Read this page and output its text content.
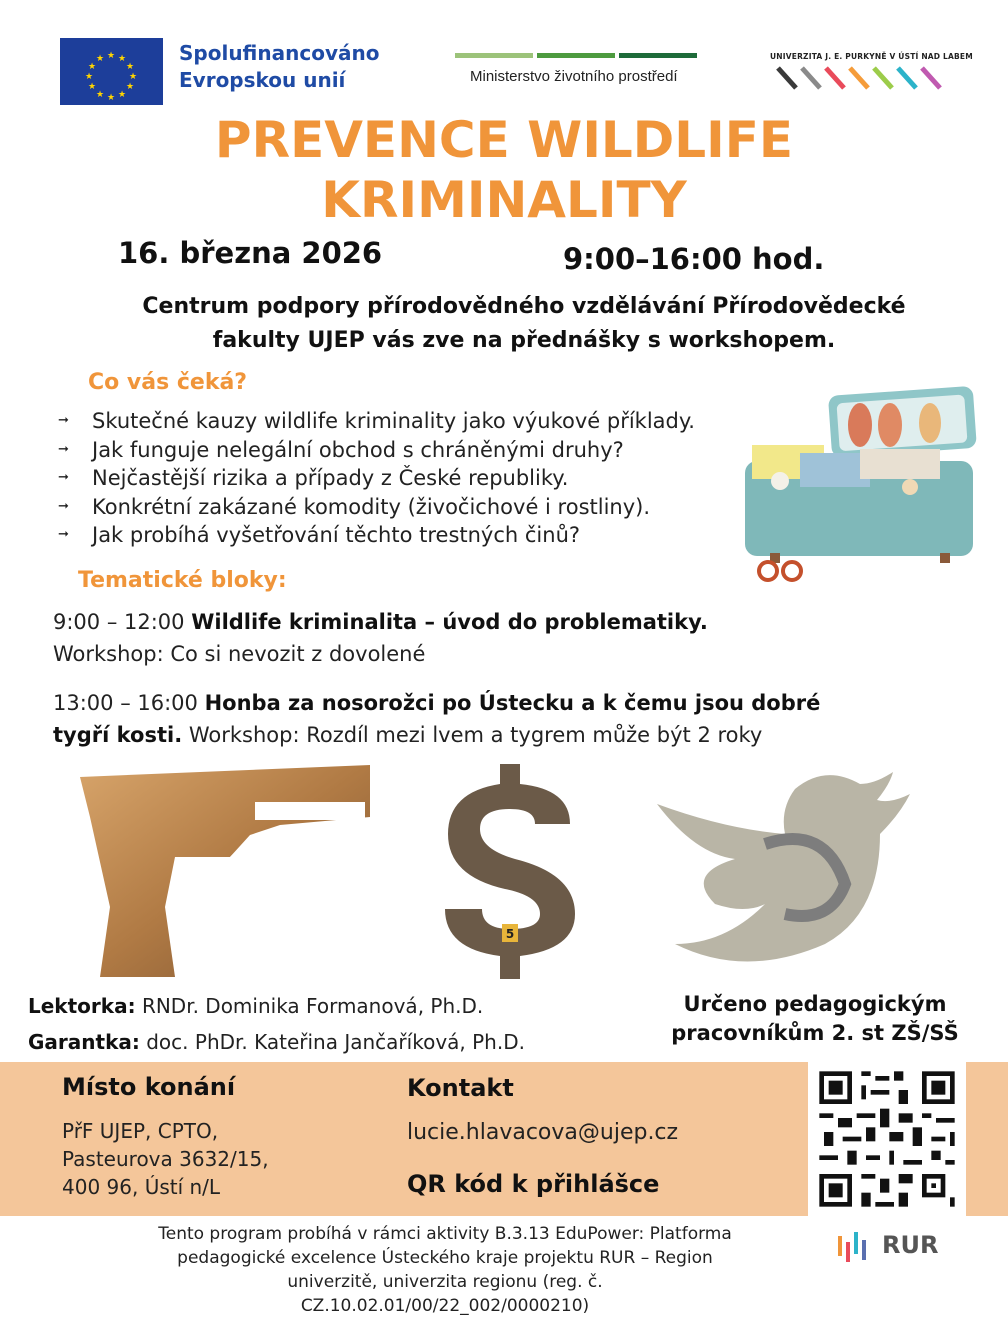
★ ★
★
★
★
★
★
★
★
★
★
★	Spolufinancováno
Evropskou unií	Ministerstvo životního prostředí
UNIVERZITA J. E. PURKYNĚ V ÚSTÍ NAD LABEM
PREVENCE WILDLIFE
KRIMINALITY
16. března 2026	9:00–16:00 hod.
Centrum podpory přírodovědného vzdělávání Přírodovědecké
fakulty UJEP vás zve na přednášky s workshopem.
Co vás čeká?
➞ Skutečné kauzy wildlife kriminality jako výukové příklady.
➞ Jak funguje nelegální obchod s chráněnými druhy?
➞ Nejčastější rizika a případy z České republiky.
➞ Konkrétní zakázané komodity (živočichové i rostliny).
➞ Jak probíhá vyšetřování těchto trestných činů?
Tematické bloky:
9:00 – 12:00 Wildlife kriminalita – úvod do problematiky.
Workshop: Co si nevozit z dovolené
13:00 – 16:00 Honba za nosorožci po Ústecku a k čemu jsou dobré
tygří kosti. Workshop: Rozdíl mezi lvem a tygrem může být 2 roky
5
Lektorka: RNDr. Dominika Formanová, Ph.D.
Garantka: doc. PhDr. Kateřina Jančaříková, Ph.D.
Určeno pedagogickým
pracovníkům 2. st ZŠ/SŠ
Místo konání
PřF UJEP, CPTO,
Pasteurova 3632/15,
400 96, Ústí n/L
Kontakt
lucie.hlavacova@ujep.cz
QR kód k přihlášce
Tento program probíhá v rámci aktivity B.3.13 EduPower: Platforma
pedagogické excelence Ústeckého kraje projektu RUR – Region
univerzitě, univerzita regionu (reg. č.
CZ.10.02.01/00/22_002/0000210)
RUR
